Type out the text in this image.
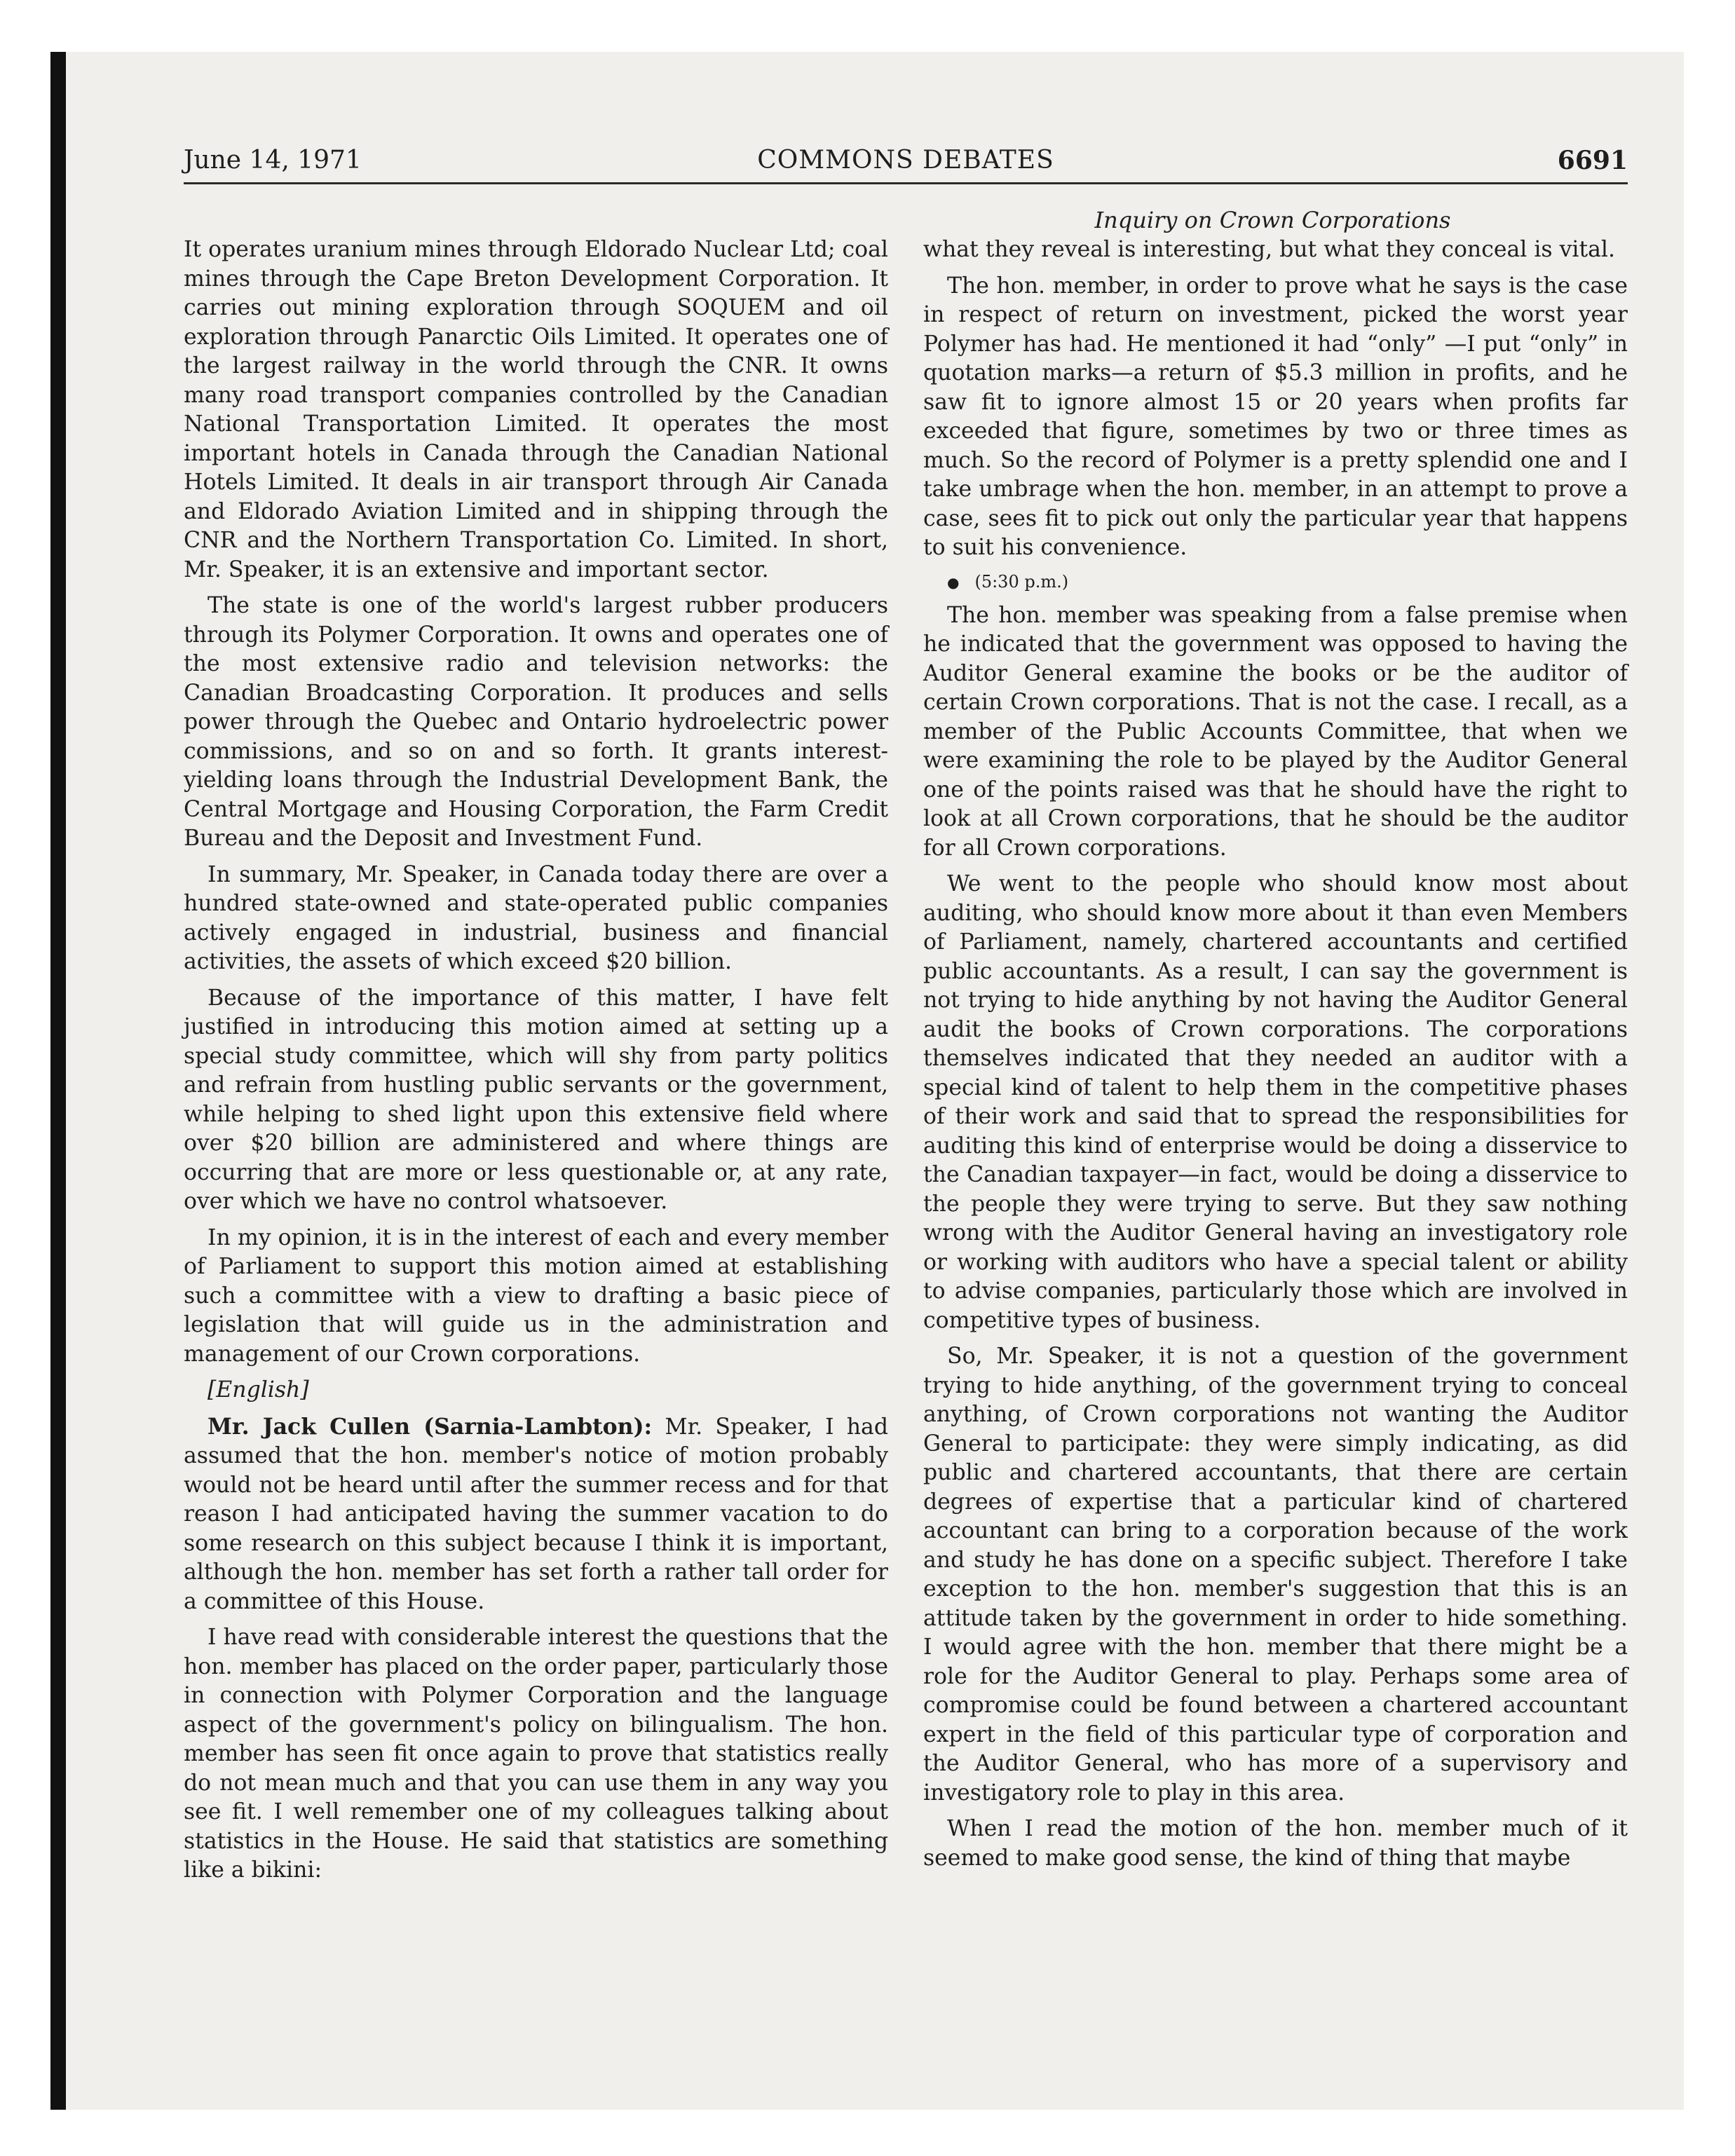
June 14, 1971	COMMONS DEBATES	6691
Inquiry on Crown Corporations

It operates uranium mines through Eldorado Nuclear Ltd; coal mines through the Cape Breton Development Corporation. It carries out mining exploration through SOQUEM and oil exploration through Panarctic Oils Limited. It operates one of the largest railway in the world through the CNR. It owns many road transport companies controlled by the Canadian National Transportation Limited. It operates the most important hotels in Canada through the Canadian National Hotels Limited. It deals in air transport through Air Canada and Eldorado Aviation Limited and in shipping through the CNR and the Northern Transportation Co. Limited. In short, Mr. Speaker, it is an extensive and important sector.

The state is one of the world's largest rubber producers through its Polymer Corporation. It owns and operates one of the most extensive radio and television networks: the Canadian Broadcasting Corporation. It produces and sells power through the Quebec and Ontario hydroelectric power commissions, and so on and so forth. It grants interest-yielding loans through the Industrial Development Bank, the Central Mortgage and Housing Corporation, the Farm Credit Bureau and the Deposit and Investment Fund.

In summary, Mr. Speaker, in Canada today there are over a hundred state-owned and state-operated public companies actively engaged in industrial, business and financial activities, the assets of which exceed $20 billion.

Because of the importance of this matter, I have felt justified in introducing this motion aimed at setting up a special study committee, which will shy from party politics and refrain from hustling public servants or the government, while helping to shed light upon this extensive field where over $20 billion are administered and where things are occurring that are more or less questionable or, at any rate, over which we have no control whatsoever.

In my opinion, it is in the interest of each and every member of Parliament to support this motion aimed at establishing such a committee with a view to drafting a basic piece of legislation that will guide us in the administration and management of our Crown corporations.

[English]

Mr. Jack Cullen (Sarnia-Lambton): Mr. Speaker, I had assumed that the hon. member's notice of motion probably would not be heard until after the summer recess and for that reason I had anticipated having the summer vacation to do some research on this subject because I think it is important, although the hon. member has set forth a rather tall order for a committee of this House.

I have read with considerable interest the questions that the hon. member has placed on the order paper, particularly those in connection with Polymer Corporation and the language aspect of the government's policy on bilingualism. The hon. member has seen fit once again to prove that statistics really do not mean much and that you can use them in any way you see fit. I well remember one of my colleagues talking about statistics in the House. He said that statistics are something like a bikini:

what they reveal is interesting, but what they conceal is vital.

The hon. member, in order to prove what he says is the case in respect of return on investment, picked the worst year Polymer has had. He mentioned it had “only” —I put “only” in quotation marks—a return of $5.3 million in profits, and he saw fit to ignore almost 15 or 20 years when profits far exceeded that figure, sometimes by two or three times as much. So the record of Polymer is a pretty splendid one and I take umbrage when the hon. member, in an attempt to prove a case, sees fit to pick out only the particular year that happens to suit his convenience.

● (5:30 p.m.)

The hon. member was speaking from a false premise when he indicated that the government was opposed to having the Auditor General examine the books or be the auditor of certain Crown corporations. That is not the case. I recall, as a member of the Public Accounts Committee, that when we were examining the role to be played by the Auditor General one of the points raised was that he should have the right to look at all Crown corporations, that he should be the auditor for all Crown corporations.

We went to the people who should know most about auditing, who should know more about it than even Members of Parliament, namely, chartered accountants and certified public accountants. As a result, I can say the government is not trying to hide anything by not having the Auditor General audit the books of Crown corporations. The corporations themselves indicated that they needed an auditor with a special kind of talent to help them in the competitive phases of their work and said that to spread the responsibilities for auditing this kind of enterprise would be doing a disservice to the Canadian taxpayer—in fact, would be doing a disservice to the people they were trying to serve. But they saw nothing wrong with the Auditor General having an investigatory role or working with auditors who have a special talent or ability to advise companies, particularly those which are involved in competitive types of business.

So, Mr. Speaker, it is not a question of the government trying to hide anything, of the government trying to conceal anything, of Crown corporations not wanting the Auditor General to participate: they were simply indicating, as did public and chartered accountants, that there are certain degrees of expertise that a particular kind of chartered accountant can bring to a corporation because of the work and study he has done on a specific subject. Therefore I take exception to the hon. member's suggestion that this is an attitude taken by the government in order to hide something. I would agree with the hon. member that there might be a role for the Auditor General to play. Perhaps some area of compromise could be found between a chartered accountant expert in the field of this particular type of corporation and the Auditor General, who has more of a supervisory and investigatory role to play in this area.

When I read the motion of the hon. member much of it seemed to make good sense, the kind of thing that maybe
